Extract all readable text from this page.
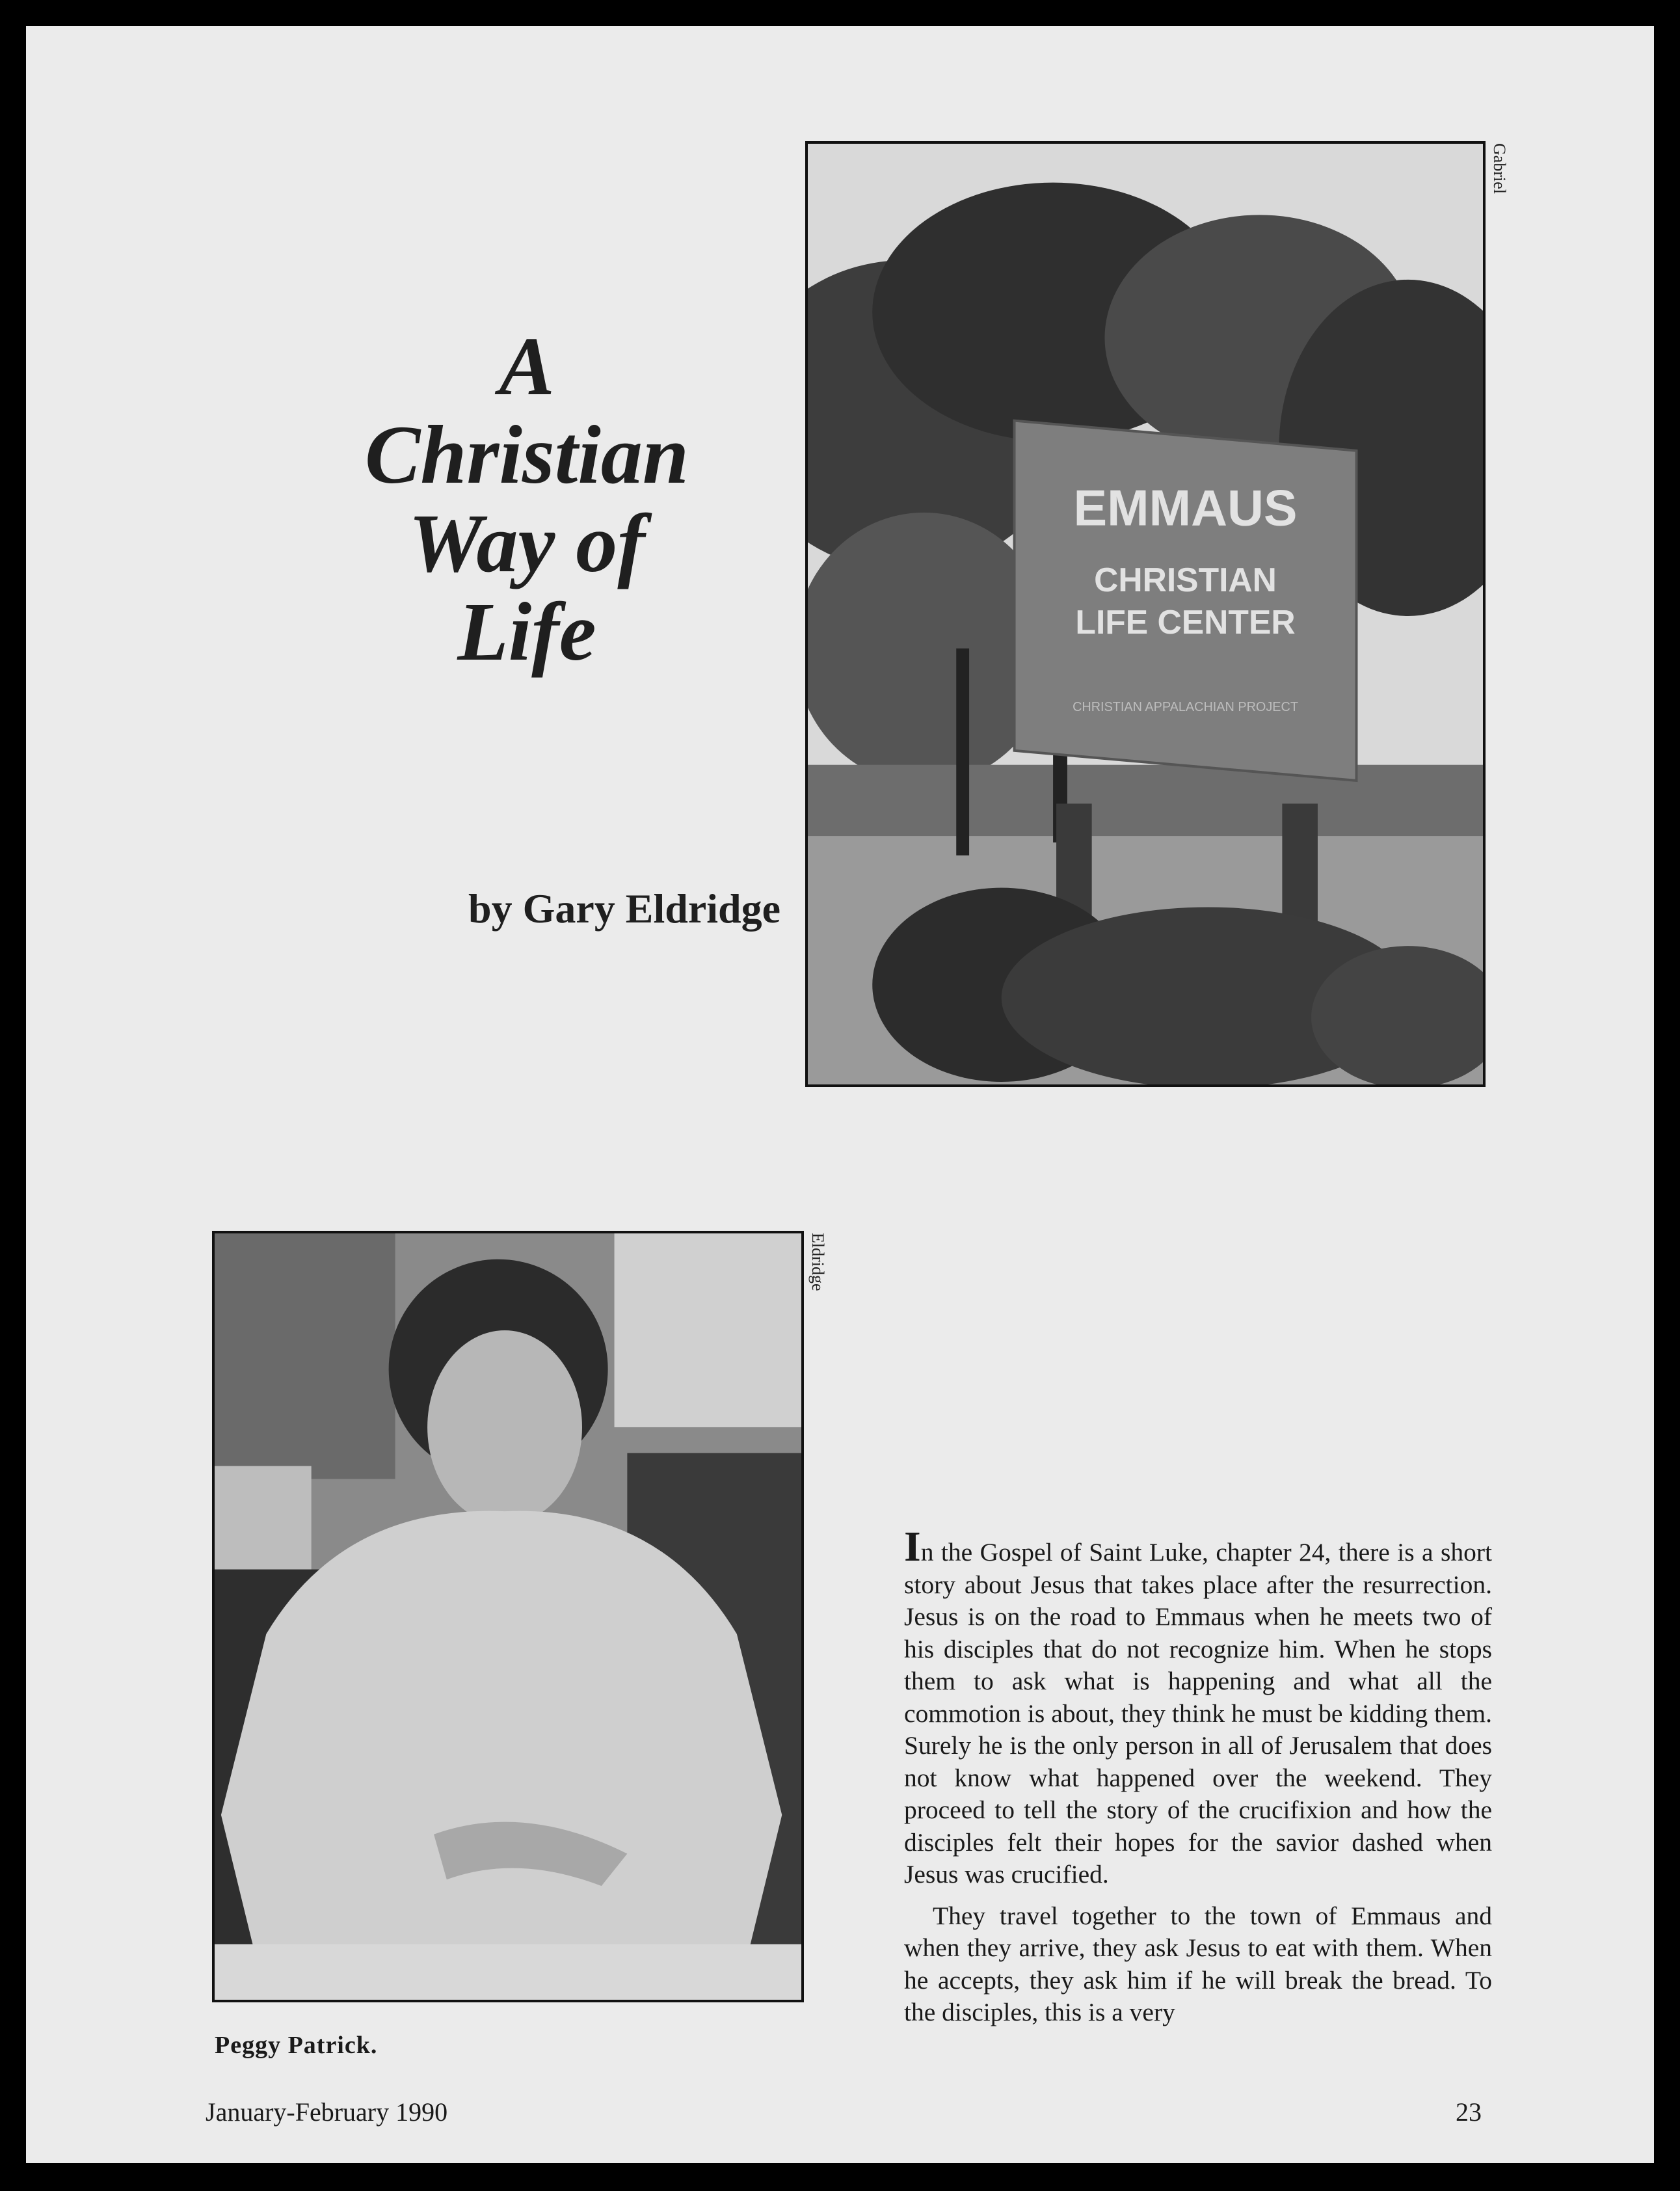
A
Christian
Way of
Life
by Gary Eldridge
EMMAUS
CHRISTIAN
LIFE CENTER
CHRISTIAN APPALACHIAN PROJECT
Gabriel
Eldridge
Peggy Patrick.

In the Gospel of Saint Luke, chapter 24, there is a short story about Jesus that takes place after the resurrection. Jesus is on the road to Emmaus when he meets two of his disciples that do not recognize him. When he stops them to ask what is happening and what all the commotion is about, they think he must be kidding them. Surely he is the only person in all of Jerusalem that does not know what happened over the weekend. They proceed to tell the story of the crucifixion and how the disciples felt their hopes for the savior dashed when Jesus was crucified.

They travel together to the town of Emmaus and when they arrive, they ask Jesus to eat with them. When he accepts, they ask him if he will break the bread. To the disciples, this is a very

January-February 1990	23
